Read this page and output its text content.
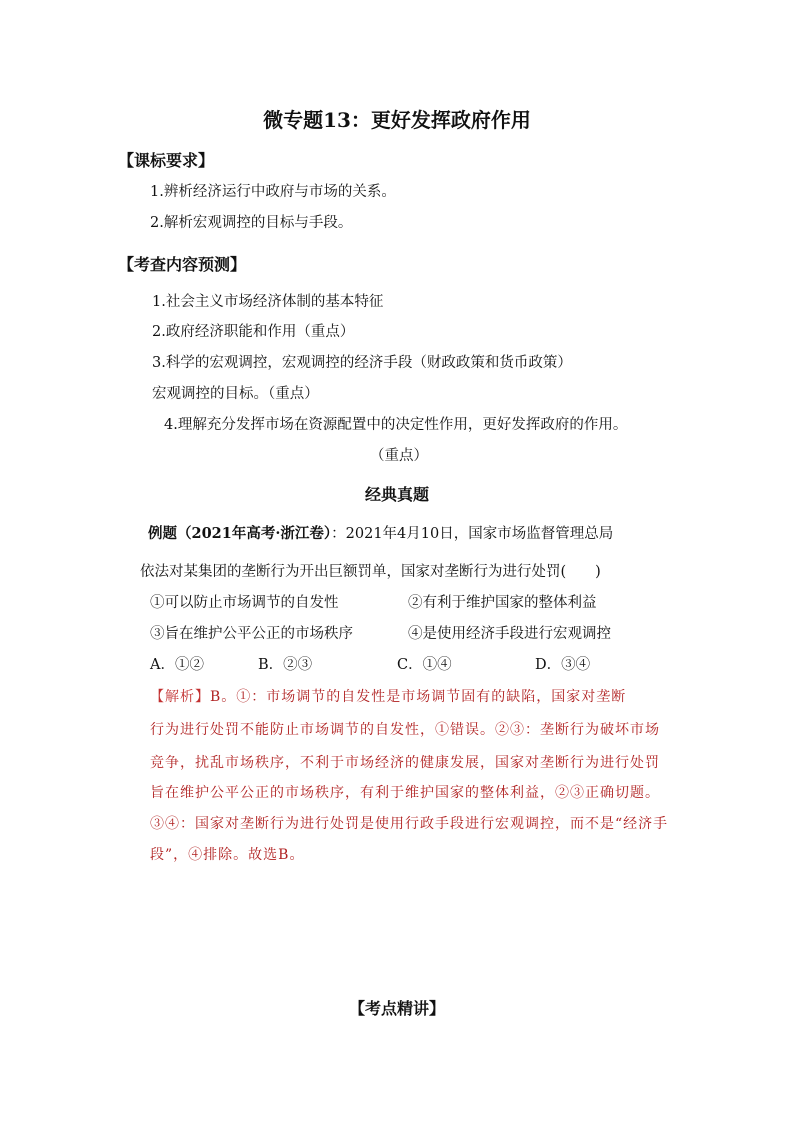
微专题13：更好发挥政府作用
【课标要求】
1.辨析经济运行中政府与市场的关系。
2.解析宏观调控的目标与手段。
【考查内容预测】
1.社会主义市场经济体制的基本特征
2.政府经济职能和作用（重点）
3.科学的宏观调控，宏观调控的经济手段（财政政策和货币政策）
宏观调控的目标。（重点）
4.理解充分发挥市场在资源配置中的决定性作用，更好发挥政府的作用。
（重点）
经典真题
例题（2021年高考·浙江卷）：2021年4月10日，国家市场监督管理总局
依法对某集团的垄断行为开出巨额罚单，国家对垄断行为进行处罚(　　)
①可以防止市场调节的自发性	②有利于维护国家的整体利益
③旨在维护公平公正的市场秩序	④是使用经济手段进行宏观调控
A．①②	B．②③	C．①④	D．③④
【解析】B。①：市场调节的自发性是市场调节固有的缺陷，国家对垄断
行为进行处罚不能防止市场调节的自发性，①错误。②③：垄断行为破坏市场
竞争，扰乱市场秩序，不利于市场经济的健康发展，国家对垄断行为进行处罚
旨在维护公平公正的市场秩序，有利于维护国家的整体利益，②③正确切题。
③④：国家对垄断行为进行处罚是使用行政手段进行宏观调控，而不是“经济手
段”，④排除。故选B。
【考点精讲】
